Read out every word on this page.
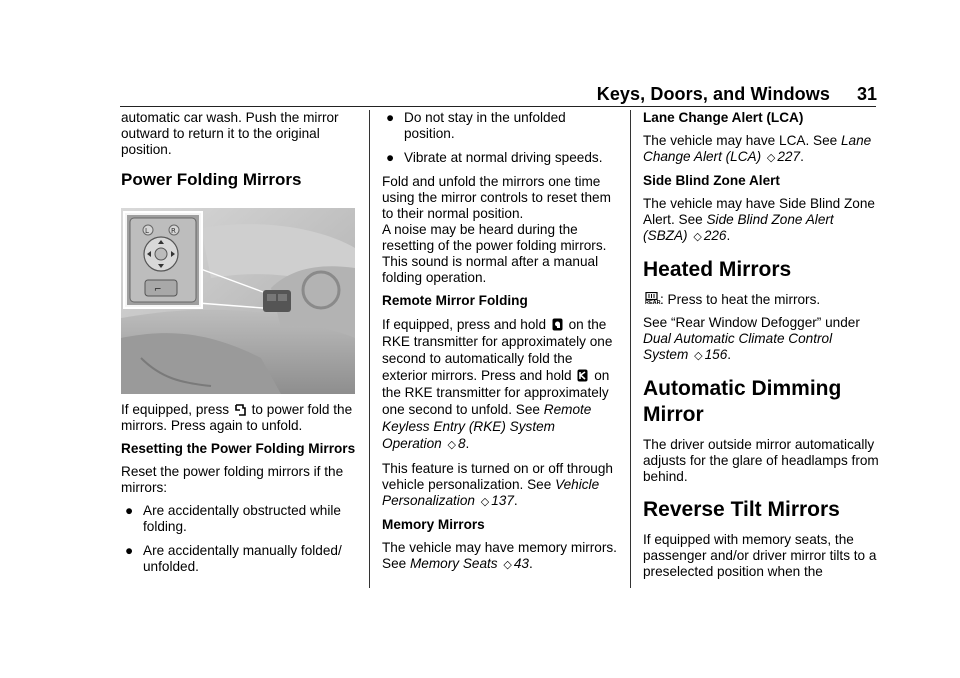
Keys, Doors, and Windows 31

automatic car wash. Push the mirror outward to return it to the original position.

Power Folding Mirrors
L	R
⌐

If equipped, press to power fold the mirrors. Press again to unfold.

Resetting the Power Folding Mirrors

Reset the power folding mirrors if the mirrors:

● Are accidentally obstructed while folding.
● Are accidentally manually folded/ unfolded.
● Do not stay in the unfolded position.
● Vibrate at normal driving speeds.

Fold and unfold the mirrors one time using the mirror controls to reset them to their normal position.

A noise may be heard during the resetting of the power folding mirrors. This sound is normal after a manual folding operation.

Remote Mirror Folding

If equipped, press and hold on the RKE transmitter for approximately one second to automatically fold the exterior mirrors. Press and hold on the RKE transmitter for approximately one second to unfold. See Remote Keyless Entry (RKE) System Operation ◇ 8.

This feature is turned on or off through vehicle personalization. See Vehicle Personalization ◇ 137.

Memory Mirrors

The vehicle may have memory mirrors. See Memory Seats ◇ 43.

Lane Change Alert (LCA)

The vehicle may have LCA. See Lane Change Alert (LCA) ◇ 227.

Side Blind Zone Alert

The vehicle may have Side Blind Zone Alert. See Side Blind Zone Alert (SBZA) ◇ 226.

Heated Mirrors

REAR : Press to heat the mirrors.

See “Rear Window Defogger” under Dual Automatic Climate Control System ◇ 156.

Automatic Dimming Mirror

The driver outside mirror automatically adjusts for the glare of headlamps from behind.

Reverse Tilt Mirrors

If equipped with memory seats, the passenger and/or driver mirror tilts to a preselected position when the
